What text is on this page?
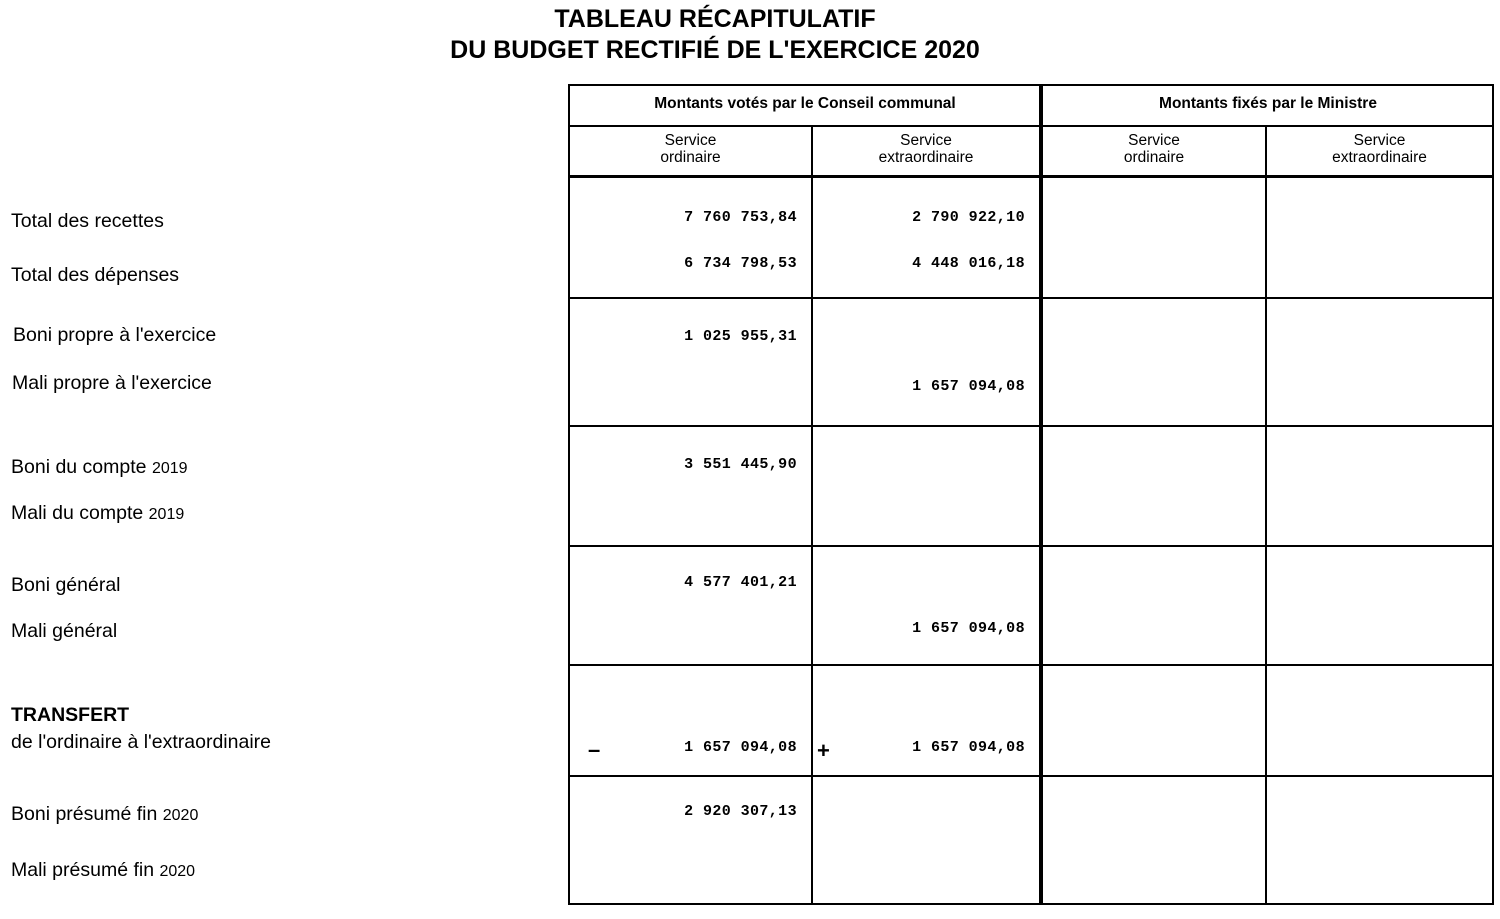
TABLEAU RÉCAPITULATIF
DU BUDGET RECTIFIÉ DE L'EXERCICE 2020
Montants votés par le Conseil communal	Montants fixés par le Ministre
Service
ordinaire
Service
extraordinaire
Service
ordinaire
Service
extraordinaire
Total des recettes
Total des dépenses
Boni propre à l'exercice
Mali propre à l'exercice
Boni du compte 2019
Mali du compte 2019
Boni général
Mali général
TRANSFERT
de l'ordinaire à l'extraordinaire
Boni présumé fin 2020
Mali présumé fin 2020
7 760 753,84
6 734 798,53
1 025 955,31
3 551 445,90
4 577 401,21
1 657 094,08
2 920 307,13
2 790 922,10
4 448 016,18
1 657 094,08
1 657 094,08
1 657 094,08
–	+
